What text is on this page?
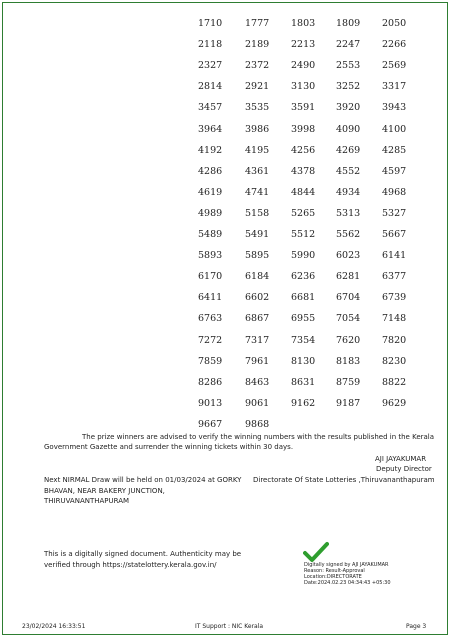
1710	1777	1803	1809	2050
2118	2189	2213	2247	2266
2327	2372	2490	2553	2569
2814	2921	3130	3252	3317
3457	3535	3591	3920	3943
3964	3986	3998	4090	4100
4192	4195	4256	4269	4285
4286	4361	4378	4552	4597
4619	4741	4844	4934	4968
4989	5158	5265	5313	5327
5489	5491	5512	5562	5667
5893	5895	5990	6023	6141
6170	6184	6236	6281	6377
6411	6602	6681	6704	6739
6763	6867	6955	7054	7148
7272	7317	7354	7620	7820
7859	7961	8130	8183	8230
8286	8463	8631	8759	8822
9013	9061	9162	9187	9629
9667	9868
The prize winners are advised to verify the winning numbers with the results published in the Kerala
Government Gazette and surrender the winning tickets within 30 days.
AJI JAYAKUMAR
Deputy Director
Directorate Of State Lotteries ,Thiruvananthapuram
Next NIRMAL Draw will be held on 01/03/2024 at GORKY
BHAVAN, NEAR BAKERY JUNCTION,
THIRUVANANTHAPURAM
This is a digitally signed document. Authenticity may be
verified through https://statelottery.kerala.gov.in/	Digitally signed by AJI JAYAKUMAR
Reason: Result-Approval
Location:DIRECTORATE
Date:2024.02.23 04:34:43 +05:30
23/02/2024 16:33:51	IT Support : NIC Kerala	Page 3
